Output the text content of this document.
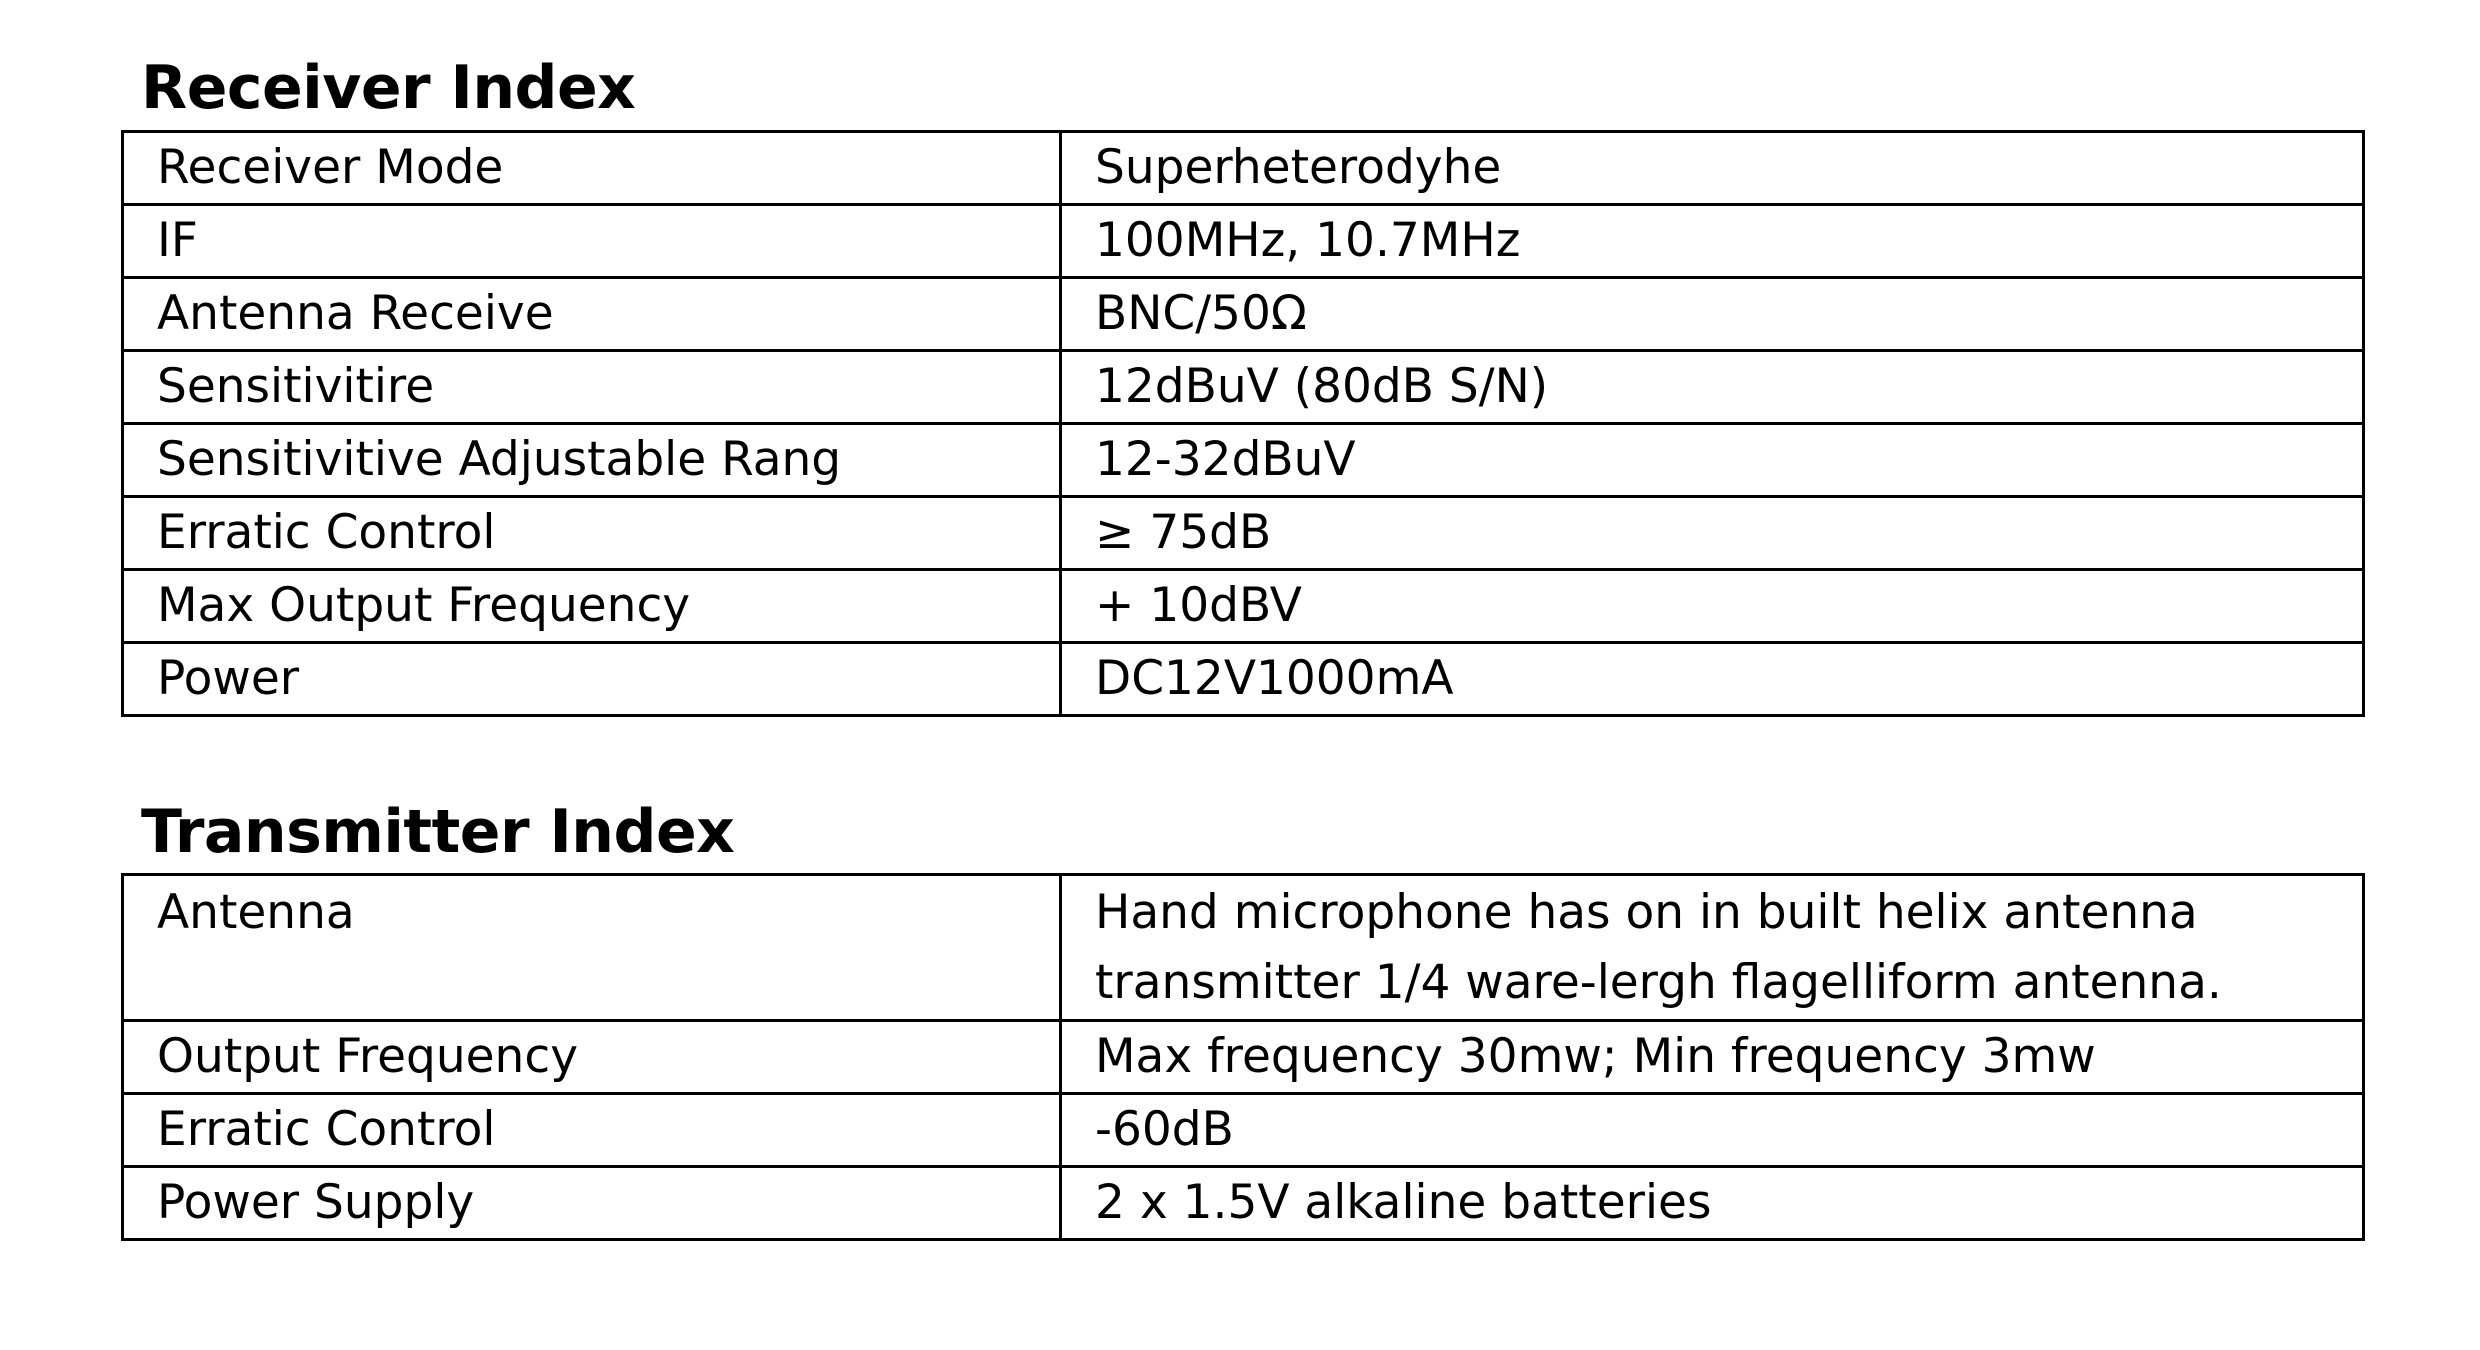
Receiver Index
Receiver Mode	Superheterodyhe
IF	100MHz, 10.7MHz
Antenna Receive	BNC/50Ω
Sensitivitire	12dBuV (80dB S/N)
Sensitivitive Adjustable Rang	12-32dBuV
Erratic Control	≥ 75dB
Max Output Frequency	+ 10dBV
Power	DC12V1000mA
Transmitter Index
Antenna	Hand microphone has on in built helix antenna
transmitter 1/4 ware-lergh flagelliform antenna.

Output Frequency	Max frequency 30mw; Min frequency 3mw
Erratic Control	-60dB
Power Supply	2 x 1.5V alkaline batteries
